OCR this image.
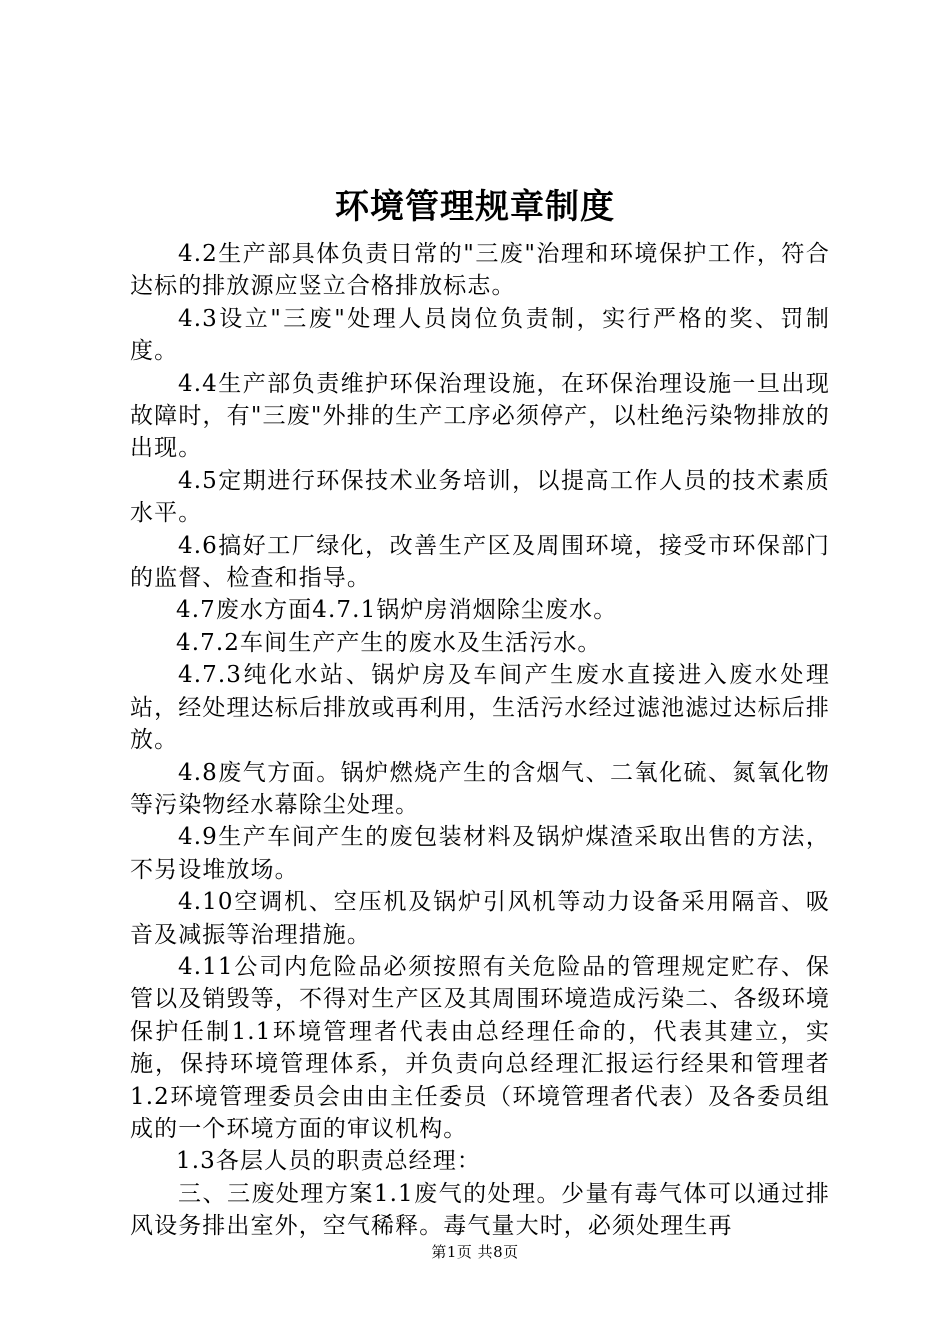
环境管理规章制度

4.2生产部具体负责日常的"三废"治理和环境保护工作，符合达标的排放源应竖立合格排放标志。

4.3设立"三废"处理人员岗位负责制，实行严格的奖、罚制度。

4.4生产部负责维护环保治理设施，在环保治理设施一旦出现故障时，有"三废"外排的生产工序必须停产，以杜绝污染物排放的出现。

4.5定期进行环保技术业务培训，以提高工作人员的技术素质水平。

4.6搞好工厂绿化，改善生产区及周围环境，接受市环保部门的监督、检查和指导。

4.7废水方面4.7.1锅炉房消烟除尘废水。

4.7.2车间生产产生的废水及生活污水。

4.7.3纯化水站、锅炉房及车间产生废水直接进入废水处理站，经处理达标后排放或再利用，生活污水经过滤池滤过达标后排放。

4.8废气方面。锅炉燃烧产生的含烟气、二氧化硫、氮氧化物等污染物经水幕除尘处理。

4.9生产车间产生的废包装材料及锅炉煤渣采取出售的方法，不另设堆放场。

4.10空调机、空压机及锅炉引风机等动力设备采用隔音、吸音及减振等治理措施。

4.11公司内危险品必须按照有关危险品的管理规定贮存、保管以及销毁等，不得对生产区及其周围环境造成污染二、各级环境保护任制1.1环境管理者代表由总经理任命的，代表其建立，实施，保持环境管理体系，并负责向总经理汇报运行经果和管理者1.2环境管理委员会由由主任委员（环境管理者代表）及各委员组成的一个环境方面的审议机构。

1.3各层人员的职责总经理：

三、三废处理方案1.1废气的处理。少量有毒气体可以通过排风设务排出室外，空气稀释。毒气量大时，必须处理生再

第1页 共8页
